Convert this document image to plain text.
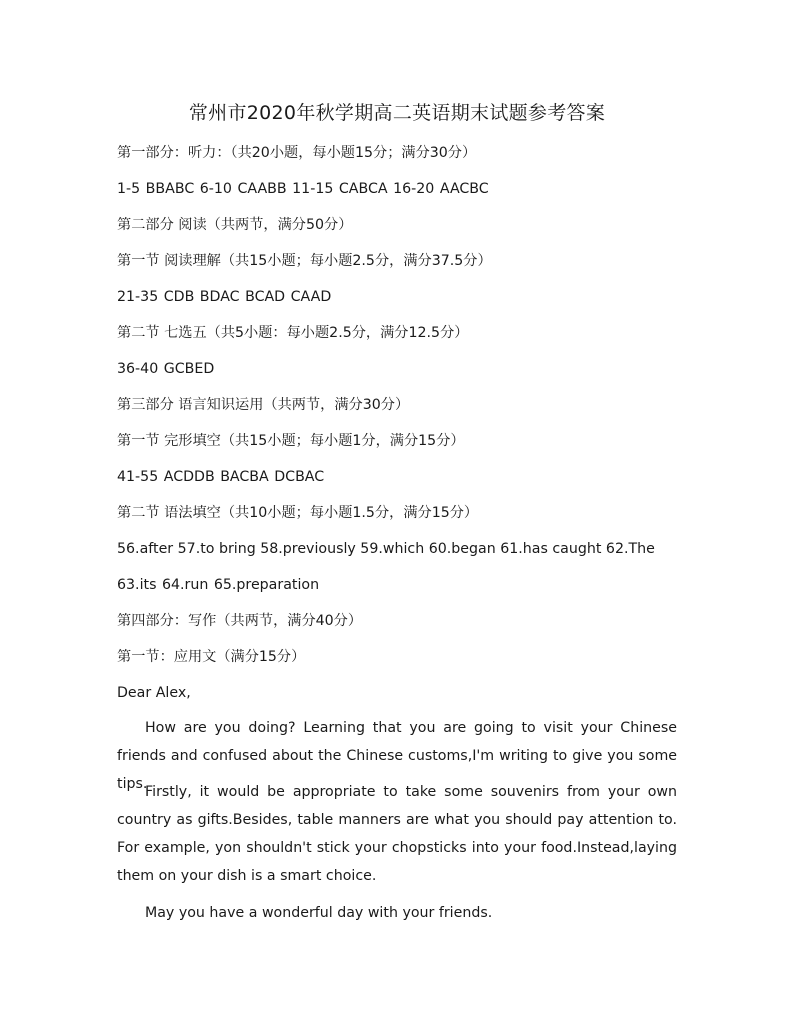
常州市2020年秋学期高二英语期末试题参考答案
第一部分：听力：（共20小题，每小题15分；满分30分）
1-5 BBABC 6-10 CAABB 11-15 CABCA 16-20 AACBC
第二部分 阅读（共两节，满分50分）
第一节 阅读理解（共15小题；每小题2.5分，满分37.5分）
21-35 CDB BDAC BCAD CAAD
第二节 七选五（共5小题：每小题2.5分，满分12.5分）
36-40 GCBED
第三部分 语言知识运用（共两节，满分30分）
第一节 完形填空（共15小题；每小题1分，满分15分）
41-55 ACDDB BACBA DCBAC
第二节 语法填空（共10小题；每小题1.5分，满分15分）
56.after 57.to bring 58.previously 59.which 60.began 61.has caught 62.The
63.its 64.run 65.preparation
第四部分：写作（共两节，满分40分）
第一节：应用文（满分15分）
Dear Alex,
How are you doing? Learning that you are going to visit your Chinese friends and confused about the Chinese customs,I'm writing to give you some tips.
Firstly, it would be appropriate to take some souvenirs from your own country as gifts.Besides, table manners are what you should pay attention to. For example, yon shouldn't stick your chopsticks into your food.Instead,laying them on your dish is a smart choice.
May you have a wonderful day with your friends.
